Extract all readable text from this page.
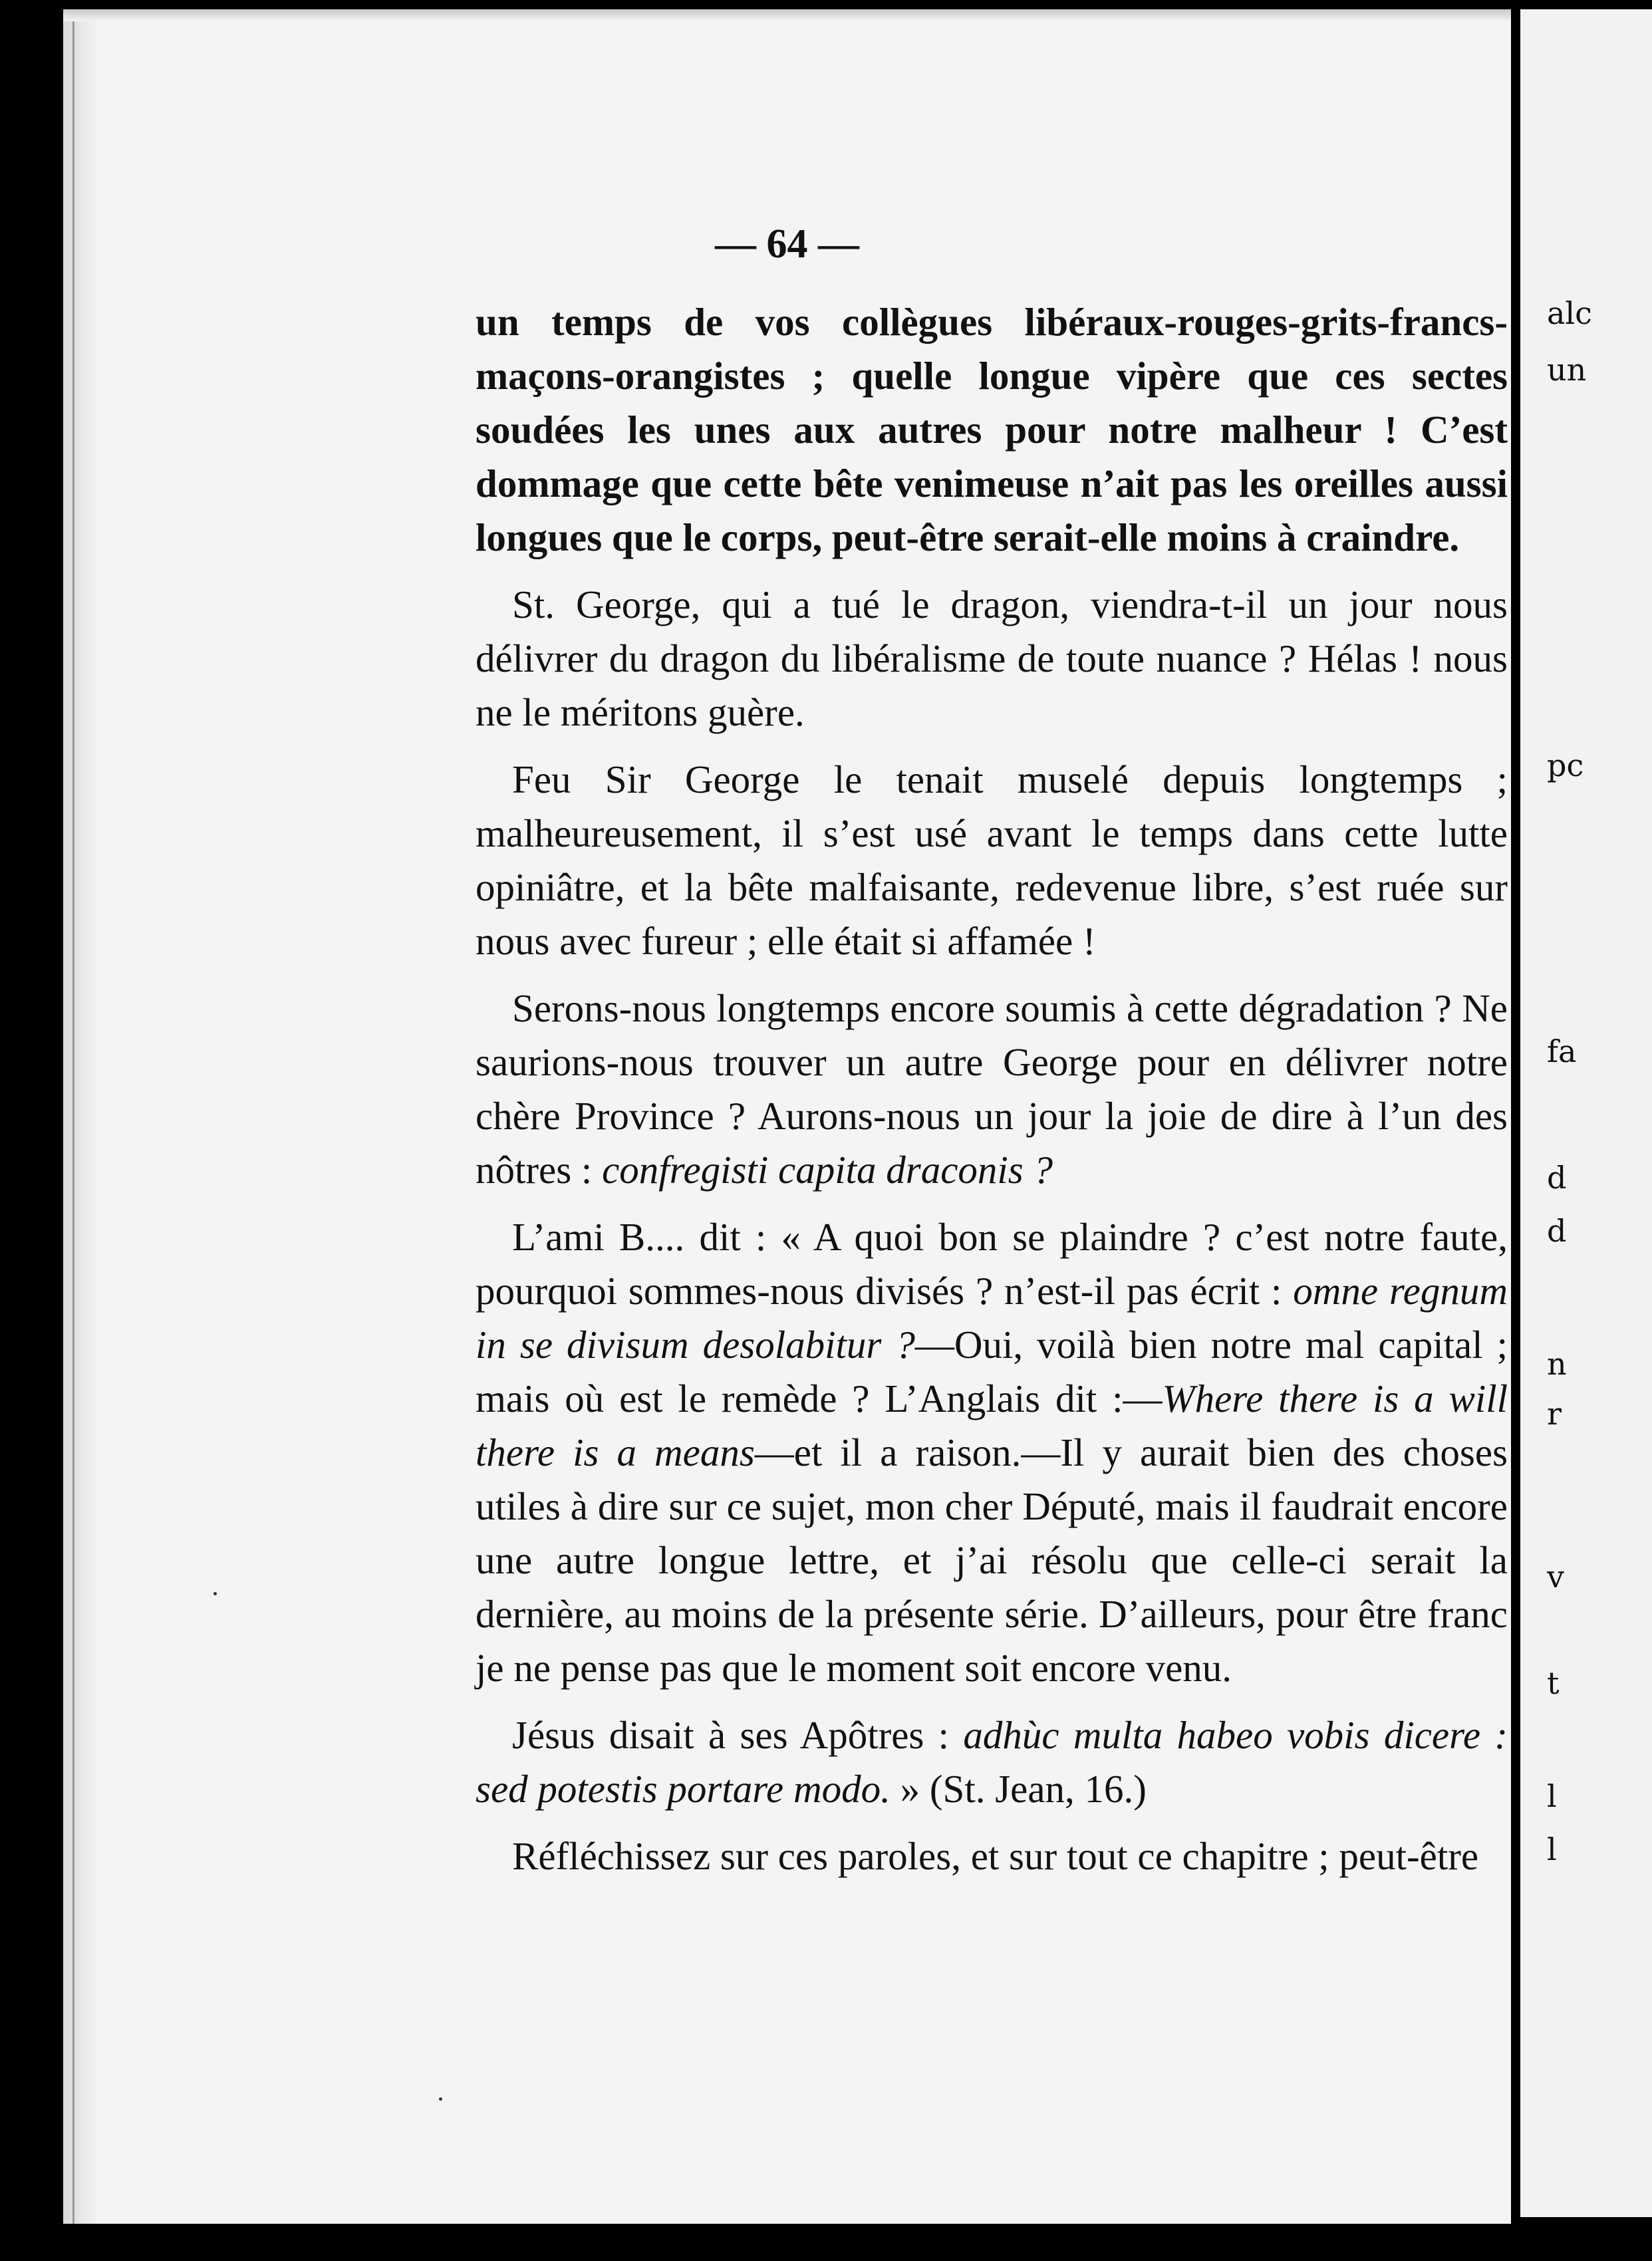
— 64 —

un temps de vos collègues libéraux-rouges-grits-francs-maçons-orangistes ; quelle longue vipère que ces sectes soudées les unes aux autres pour notre malheur ! C’est dommage que cette bête venimeuse n’ait pas les oreilles aussi longues que le corps, peut-être serait-elle moins à craindre.

St. George, qui a tué le dragon, viendra-t-il un jour nous délivrer du dragon du libéralisme de toute nuance ? Hélas ! nous ne le méritons guère.

Feu Sir George le tenait muselé depuis longtemps ; malheureusement, il s’est usé avant le temps dans cette lutte opiniâtre, et la bête malfaisante, redevenue libre, s’est ruée sur nous avec fureur ; elle était si affamée !

Serons-nous longtemps encore soumis à cette dégradation ? Ne saurions-nous trouver un autre George pour en délivrer notre chère Province ? Aurons-nous un jour la joie de dire à l’un des nôtres : confregisti capita draconis ?

L’ami B.... dit : « A quoi bon se plaindre ? c’est notre faute, pourquoi sommes-nous divisés ? n’est-il pas écrit : omne regnum in se divisum desolabitur ?—Oui, voilà bien notre mal capital ; mais où est le remède ? L’Anglais dit :—Where there is a will there is a means—et il a raison.—Il y aurait bien des choses utiles à dire sur ce sujet, mon cher Député, mais il faudrait encore une autre longue lettre, et j’ai résolu que celle-ci serait la dernière, au moins de la présente série. D’ailleurs, pour être franc je ne pense pas que le moment soit encore venu.

Jésus disait à ses Apôtres : adhùc multa habeo vobis dicere : sed potestis portare modo. » (St. Jean, 16.)

Réfléchissez sur ces paroles, et sur tout ce chapitre ; peut-être

alc
un
pc
fa
d
d
n
r
v
t
l
l
